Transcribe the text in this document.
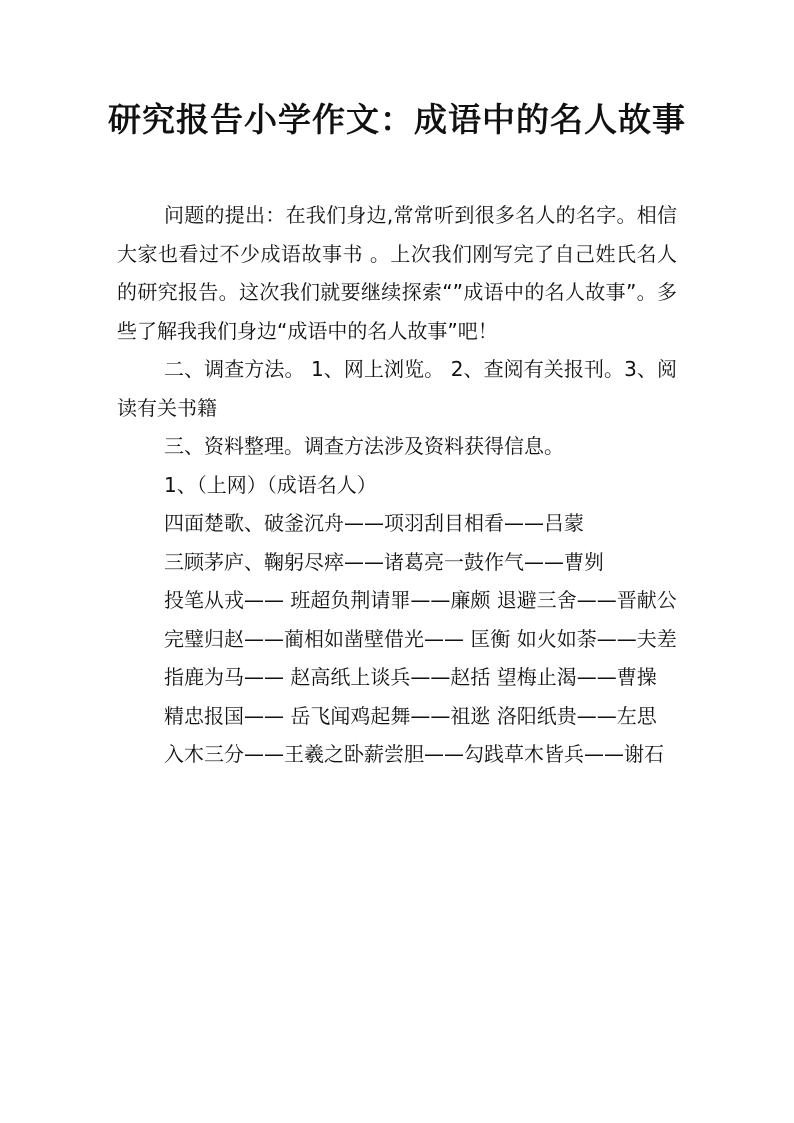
研究报告小学作文：成语中的名人故事

问题的提出：在我们身边,常常听到很多名人的名字。相信大家也看过不少成语故事书 。上次我们刚写完了自己姓氏名人的研究报告。这次我们就要继续探索“”成语中的名人故事”。多些了解我我们身边“成语中的名人故事”吧！

二、调查方法。 1、网上浏览。 2、查阅有关报刊。3、阅读有关书籍

三、资料整理。调查方法涉及资料获得信息。

1、（上网）（成语名人）

四面楚歌、破釜沉舟——项羽刮目相看——吕蒙

三顾茅庐、鞠躬尽瘁——诸葛亮一鼓作气——曹刿

投笔从戎—— 班超负荆请罪——廉颇 退避三舍——晋献公

完璧归赵——蔺相如凿壁借光—— 匡衡 如火如荼——夫差

指鹿为马—— 赵高纸上谈兵——赵括 望梅止渴——曹操

精忠报国—— 岳飞闻鸡起舞——祖逖 洛阳纸贵——左思

入木三分——王羲之卧薪尝胆——勾践草木皆兵——谢石
